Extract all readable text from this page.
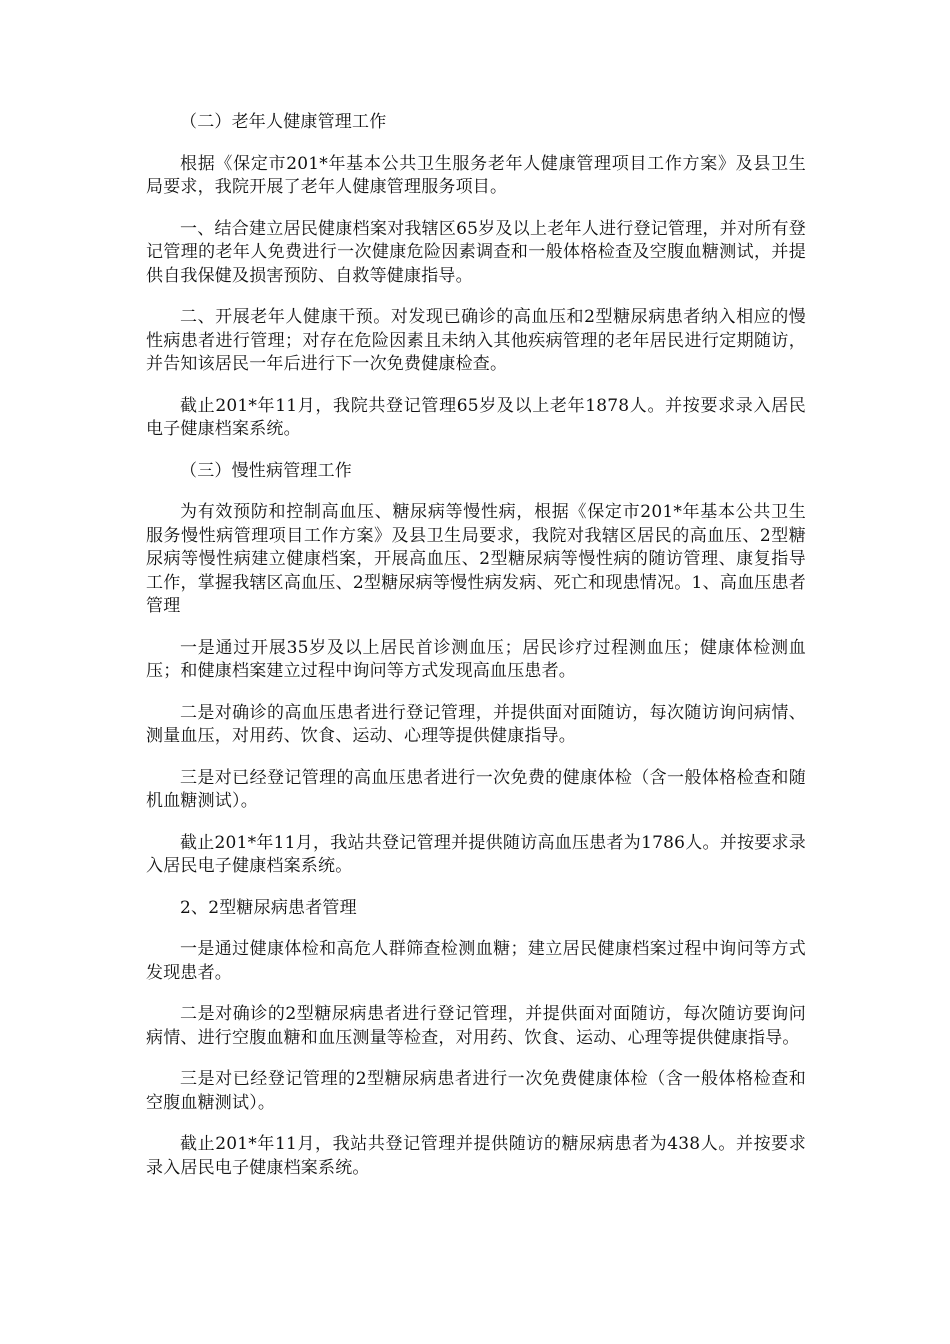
（二）老年人健康管理工作

根据《保定市201*年基本公共卫生服务老年人健康管理项目工作方案》及县卫生局要求，我院开展了老年人健康管理服务项目。

一、结合建立居民健康档案对我辖区65岁及以上老年人进行登记管理，并对所有登记管理的老年人免费进行一次健康危险因素调查和一般体格检查及空腹血糖测试，并提供自我保健及损害预防、自救等健康指导。

二、开展老年人健康干预。对发现已确诊的高血压和2型糖尿病患者纳入相应的慢性病患者进行管理；对存在危险因素且未纳入其他疾病管理的老年居民进行定期随访，并告知该居民一年后进行下一次免费健康检查。

截止201*年11月，我院共登记管理65岁及以上老年1878人。并按要求录入居民电子健康档案系统。

（三）慢性病管理工作

为有效预防和控制高血压、糖尿病等慢性病，根据《保定市201*年基本公共卫生服务慢性病管理项目工作方案》及县卫生局要求，我院对我辖区居民的高血压、2型糖尿病等慢性病建立健康档案，开展高血压、2型糖尿病等慢性病的随访管理、康复指导工作，掌握我辖区高血压、2型糖尿病等慢性病发病、死亡和现患情况。1、高血压患者管理

一是通过开展35岁及以上居民首诊测血压；居民诊疗过程测血压；健康体检测血压；和健康档案建立过程中询问等方式发现高血压患者。

二是对确诊的高血压患者进行登记管理，并提供面对面随访，每次随访询问病情、测量血压，对用药、饮食、运动、心理等提供健康指导。

三是对已经登记管理的高血压患者进行一次免费的健康体检（含一般体格检查和随机血糖测试）。

截止201*年11月，我站共登记管理并提供随访高血压患者为1786人。并按要求录入居民电子健康档案系统。

2、2型糖尿病患者管理

一是通过健康体检和高危人群筛查检测血糖；建立居民健康档案过程中询问等方式发现患者。

二是对确诊的2型糖尿病患者进行登记管理，并提供面对面随访，每次随访要询问病情、进行空腹血糖和血压测量等检查，对用药、饮食、运动、心理等提供健康指导。

三是对已经登记管理的2型糖尿病患者进行一次免费健康体检（含一般体格检查和空腹血糖测试）。

截止201*年11月，我站共登记管理并提供随访的糖尿病患者为438人。并按要求录入居民电子健康档案系统。
